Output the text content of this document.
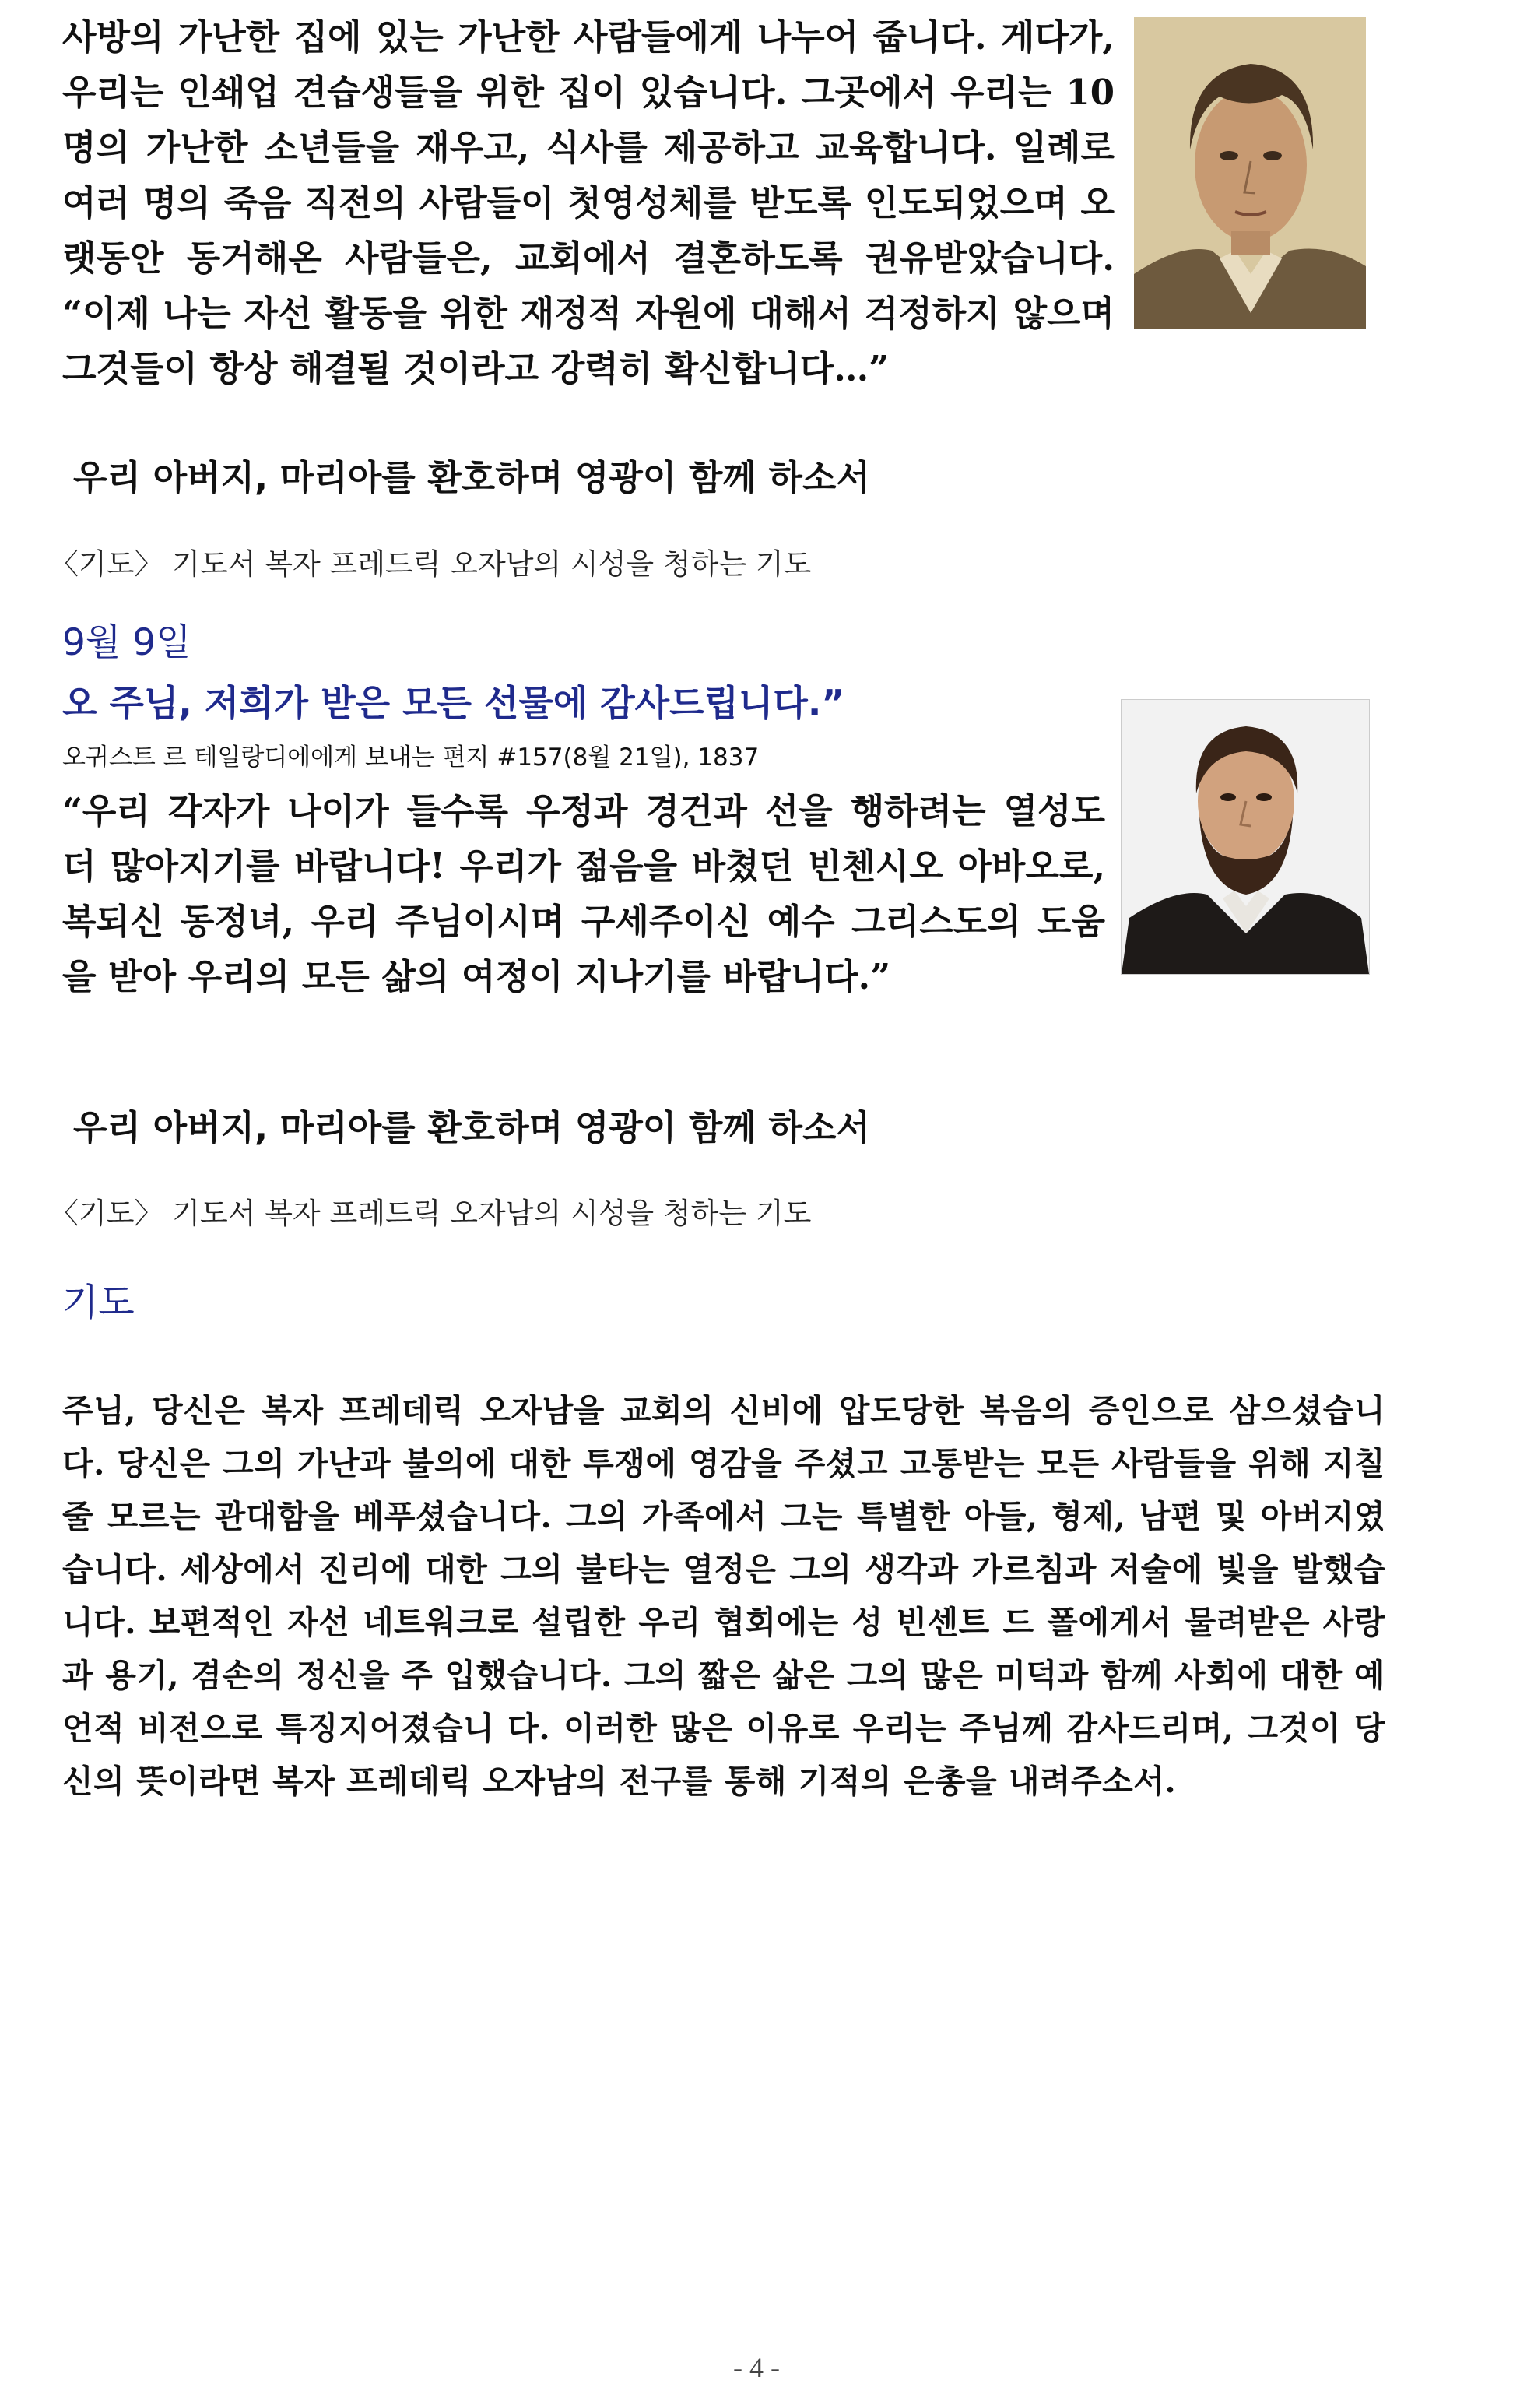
사방의 가난한 집에 있는 가난한 사람들에게 나누어 줍니다. 게다가, 우리는 인쇄업 견습생들을 위한 집이 있습니다. 그곳에서 우리는 10명의 가난한 소년들을 재우고, 식사를 제공하고 교육합니다. 일례로 여러 명의 죽음 직전의 사람들이 첫영성체를 받도록 인도되었으며 오랫동안 동거해온 사람들은, 교회에서 결혼하도록 권유받았습니다. “이제 나는 자선 활동을 위한 재정적 자원에 대해서 걱정하지 않으며 그것들이 항상 해결될 것이라고 강력히 확신합니다…”

우리 아버지, 마리아를 환호하며 영광이 함께 하소서

〈기도〉 기도서 복자 프레드릭 오자남의 시성을 청하는 기도

9월 9일

오 주님, 저희가 받은 모든 선물에 감사드립니다.”

오귀스트 르 테일랑디에에게 보내는 편지 #157(8월 21일), 1837

“우리 각자가 나이가 들수록 우정과 경건과 선을 행하려는 열성도 더 많아지기를 바랍니다! 우리가 젊음을 바쳤던 빈첸시오 아바오로, 복되신 동정녀, 우리 주님이시며 구세주이신 예수 그리스도의 도움을 받아 우리의 모든 삶의 여정이 지나기를 바랍니다.”

우리 아버지, 마리아를 환호하며 영광이 함께 하소서

〈기도〉 기도서 복자 프레드릭 오자남의 시성을 청하는 기도

기도

주님, 당신은 복자 프레데릭 오자남을 교회의 신비에 압도당한 복음의 증인으로 삼으셨습니다. 당신은 그의 가난과 불의에 대한 투쟁에 영감을 주셨고 고통받는 모든 사람들을 위해 지칠 줄 모르는 관대함을 베푸셨습니다. 그의 가족에서 그는 특별한 아들, 형제, 남편 및 아버지였습니다. 세상에서 진리에 대한 그의 불타는 열정은 그의 생각과 가르침과 저술에 빛을 발했습니다. 보편적인 자선 네트워크로 설립한 우리 협회에는 성 빈센트 드 폴에게서 물려받은 사랑과 용기, 겸손의 정신을 주 입했습니다. 그의 짧은 삶은 그의 많은 미덕과 함께 사회에 대한 예언적 비전으로 특징지어졌습니 다. 이러한 많은 이유로 우리는 주님께 감사드리며, 그것이 당신의 뜻이라면 복자 프레데릭 오자남의 전구를 통해 기적의 은총을 내려주소서.

- 4 -
